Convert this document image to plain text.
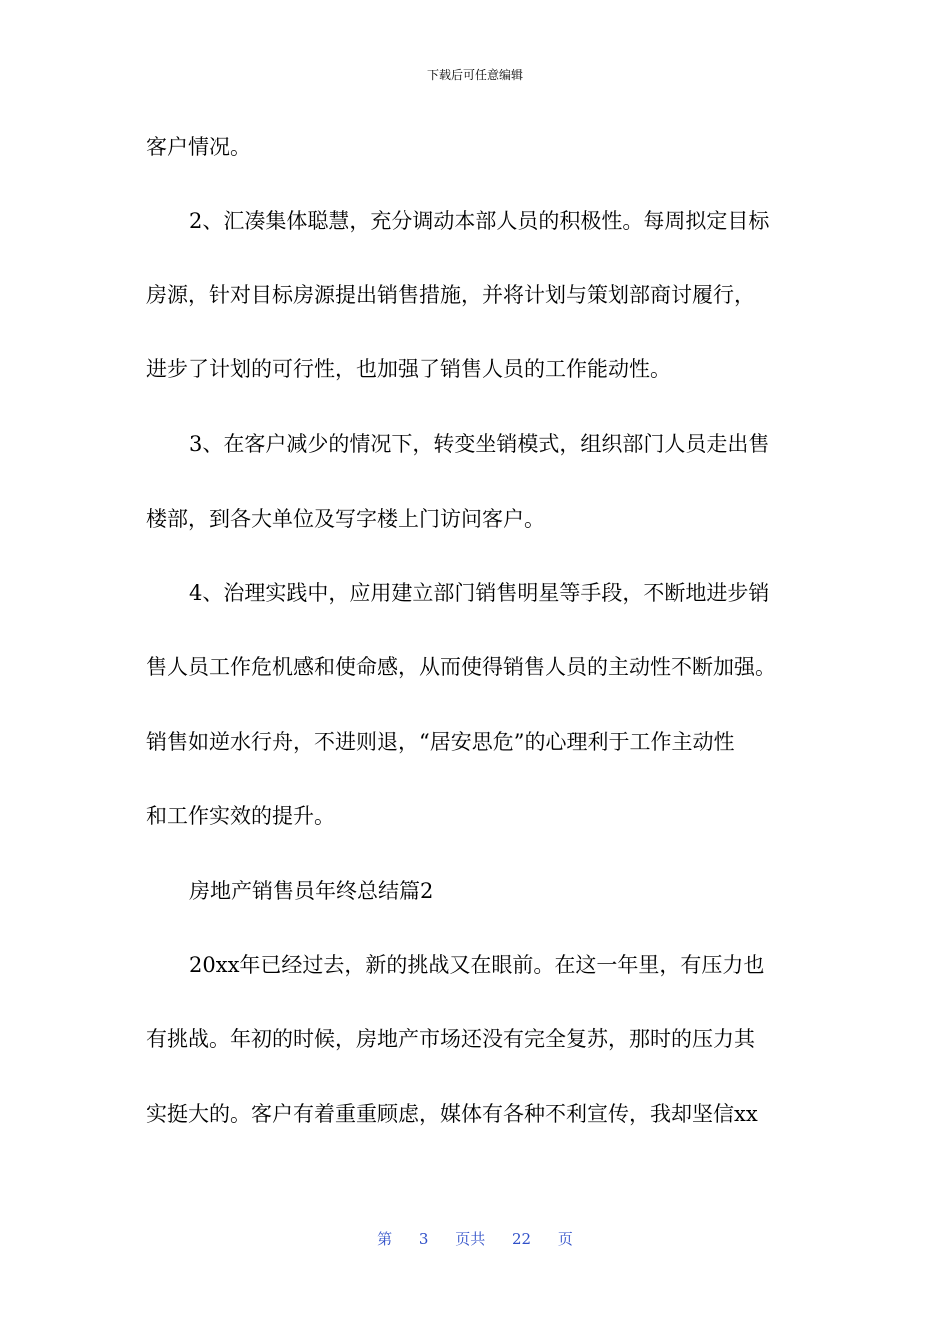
下载后可任意编辑
客户情况。
2、汇凑集体聪慧，充分调动本部人员的积极性。每周拟定目标
房源，针对目标房源提出销售措施，并将计划与策划部商讨履行，
进步了计划的可行性，也加强了销售人员的工作能动性。
3、在客户减少的情况下，转变坐销模式，组织部门人员走出售
楼部，到各大单位及写字楼上门访问客户。
4、治理实践中，应用建立部门销售明星等手段，不断地进步销
售人员工作危机感和使命感，从而使得销售人员的主动性不断加强。
销售如逆水行舟，不进则退，“居安思危”的心理利于工作主动性
和工作实效的提升。
房地产销售员年终总结篇2
20xx年已经过去，新的挑战又在眼前。在这一年里，有压力也
有挑战。年初的时候，房地产市场还没有完全复苏，那时的压力其
实挺大的。客户有着重重顾虑，媒体有各种不利宣传，我却坚信xx
第 3 页共 22 页
